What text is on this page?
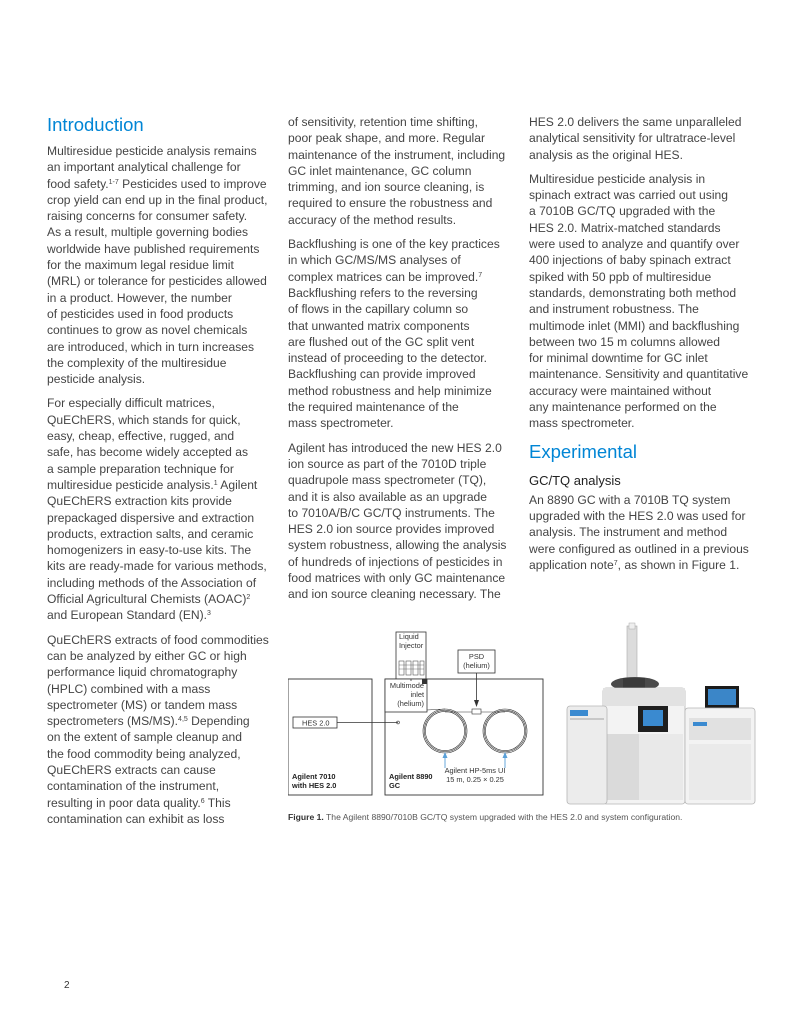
Introduction

Multiresidue pesticide analysis remains
an important analytical challenge for
food safety.$^{1-7}$ Pesticides used to improve
crop yield can end up in the final product,
raising concerns for consumer safety.
As a result, multiple governing bodies
worldwide have published requirements
for the maximum legal residue limit
(MRL) or tolerance for pesticides allowed
in a product. However, the number
of pesticides used in food products
continues to grow as novel chemicals
are introduced, which in turn increases
the complexity of the multiresidue
pesticide analysis.

For especially difficult matrices,
QuEChERS, which stands for quick,
easy, cheap, effective, rugged, and
safe, has become widely accepted as
a sample preparation technique for
multiresidue pesticide analysis.$^1$ Agilent
QuEChERS extraction kits provide
prepackaged dispersive and extraction
products, extraction salts, and ceramic
homogenizers in easy-to-use kits. The
kits are ready-made for various methods,
including methods of the Association of
Official Agricultural Chemists (AOAC)$^2$
and European Standard (EN).$^3$

QuEChERS extracts of food commodities
can be analyzed by either GC or high
performance liquid chromatography
(HPLC) combined with a mass
spectrometer (MS) or tandem mass
spectrometers (MS/MS).$^{4,5}$ Depending
on the extent of sample cleanup and
the food commodity being analyzed,
QuEChERS extracts can cause
contamination of the instrument,
resulting in poor data quality.$^6$ This
contamination can exhibit as loss

of sensitivity, retention time shifting,
poor peak shape, and more. Regular
maintenance of the instrument, including
GC inlet maintenance, GC column
trimming, and ion source cleaning, is
required to ensure the robustness and
accuracy of the method results.

Backflushing is one of the key practices
in which GC/MS/MS analyses of
complex matrices can be improved.$^7$
Backflushing refers to the reversing
of flows in the capillary column so
that unwanted matrix components
are flushed out of the GC split vent
instead of proceeding to the detector.
Backflushing can provide improved
method robustness and help minimize
the required maintenance of the
mass spectrometer.

Agilent has introduced the new HES 2.0
ion source as part of the 7010D triple
quadrupole mass spectrometer (TQ),
and it is also available as an upgrade
to 7010A/B/C GC/TQ instruments. The
HES 2.0 ion source provides improved
system robustness, allowing the analysis
of hundreds of injections of pesticides in
food matrices with only GC maintenance
and ion source cleaning necessary. The

HES 2.0 delivers the same unparalleled
analytical sensitivity for ultratrace-level
analysis as the original HES.

Multiresidue pesticide analysis in
spinach extract was carried out using
a 7010B GC/TQ upgraded with the
HES 2.0. Matrix-matched standards
were used to analyze and quantify over
400 injections of baby spinach extract
spiked with 50 ppb of multiresidue
standards, demonstrating both method
and instrument robustness. The
multimode inlet (MMI) and backflushing
between two 15 m columns allowed
for minimal downtime for GC inlet
maintenance. Sensitivity and quantitative
accuracy were maintained without
any maintenance performed on the
mass spectrometer.

Experimental
GC/TQ analysis

An 8890 GC with a 7010B TQ system
upgraded with the HES 2.0 was used for
analysis. The instrument and method
were configured as outlined in a previous
application note$^7$, as shown in Figure 1.

Liquid
Injector
PSD
(helium)
HES 2.0
Agilent 7010
with HES 2.0
Multimode
inlet
(helium)
Agilent 8890
GC
Agilent HP-5ms UI
15 m, 0.25 × 0.25
Figure 1. The Agilent 8890/7010B GC/TQ system upgraded with the HES 2.0 and system configuration.
2
